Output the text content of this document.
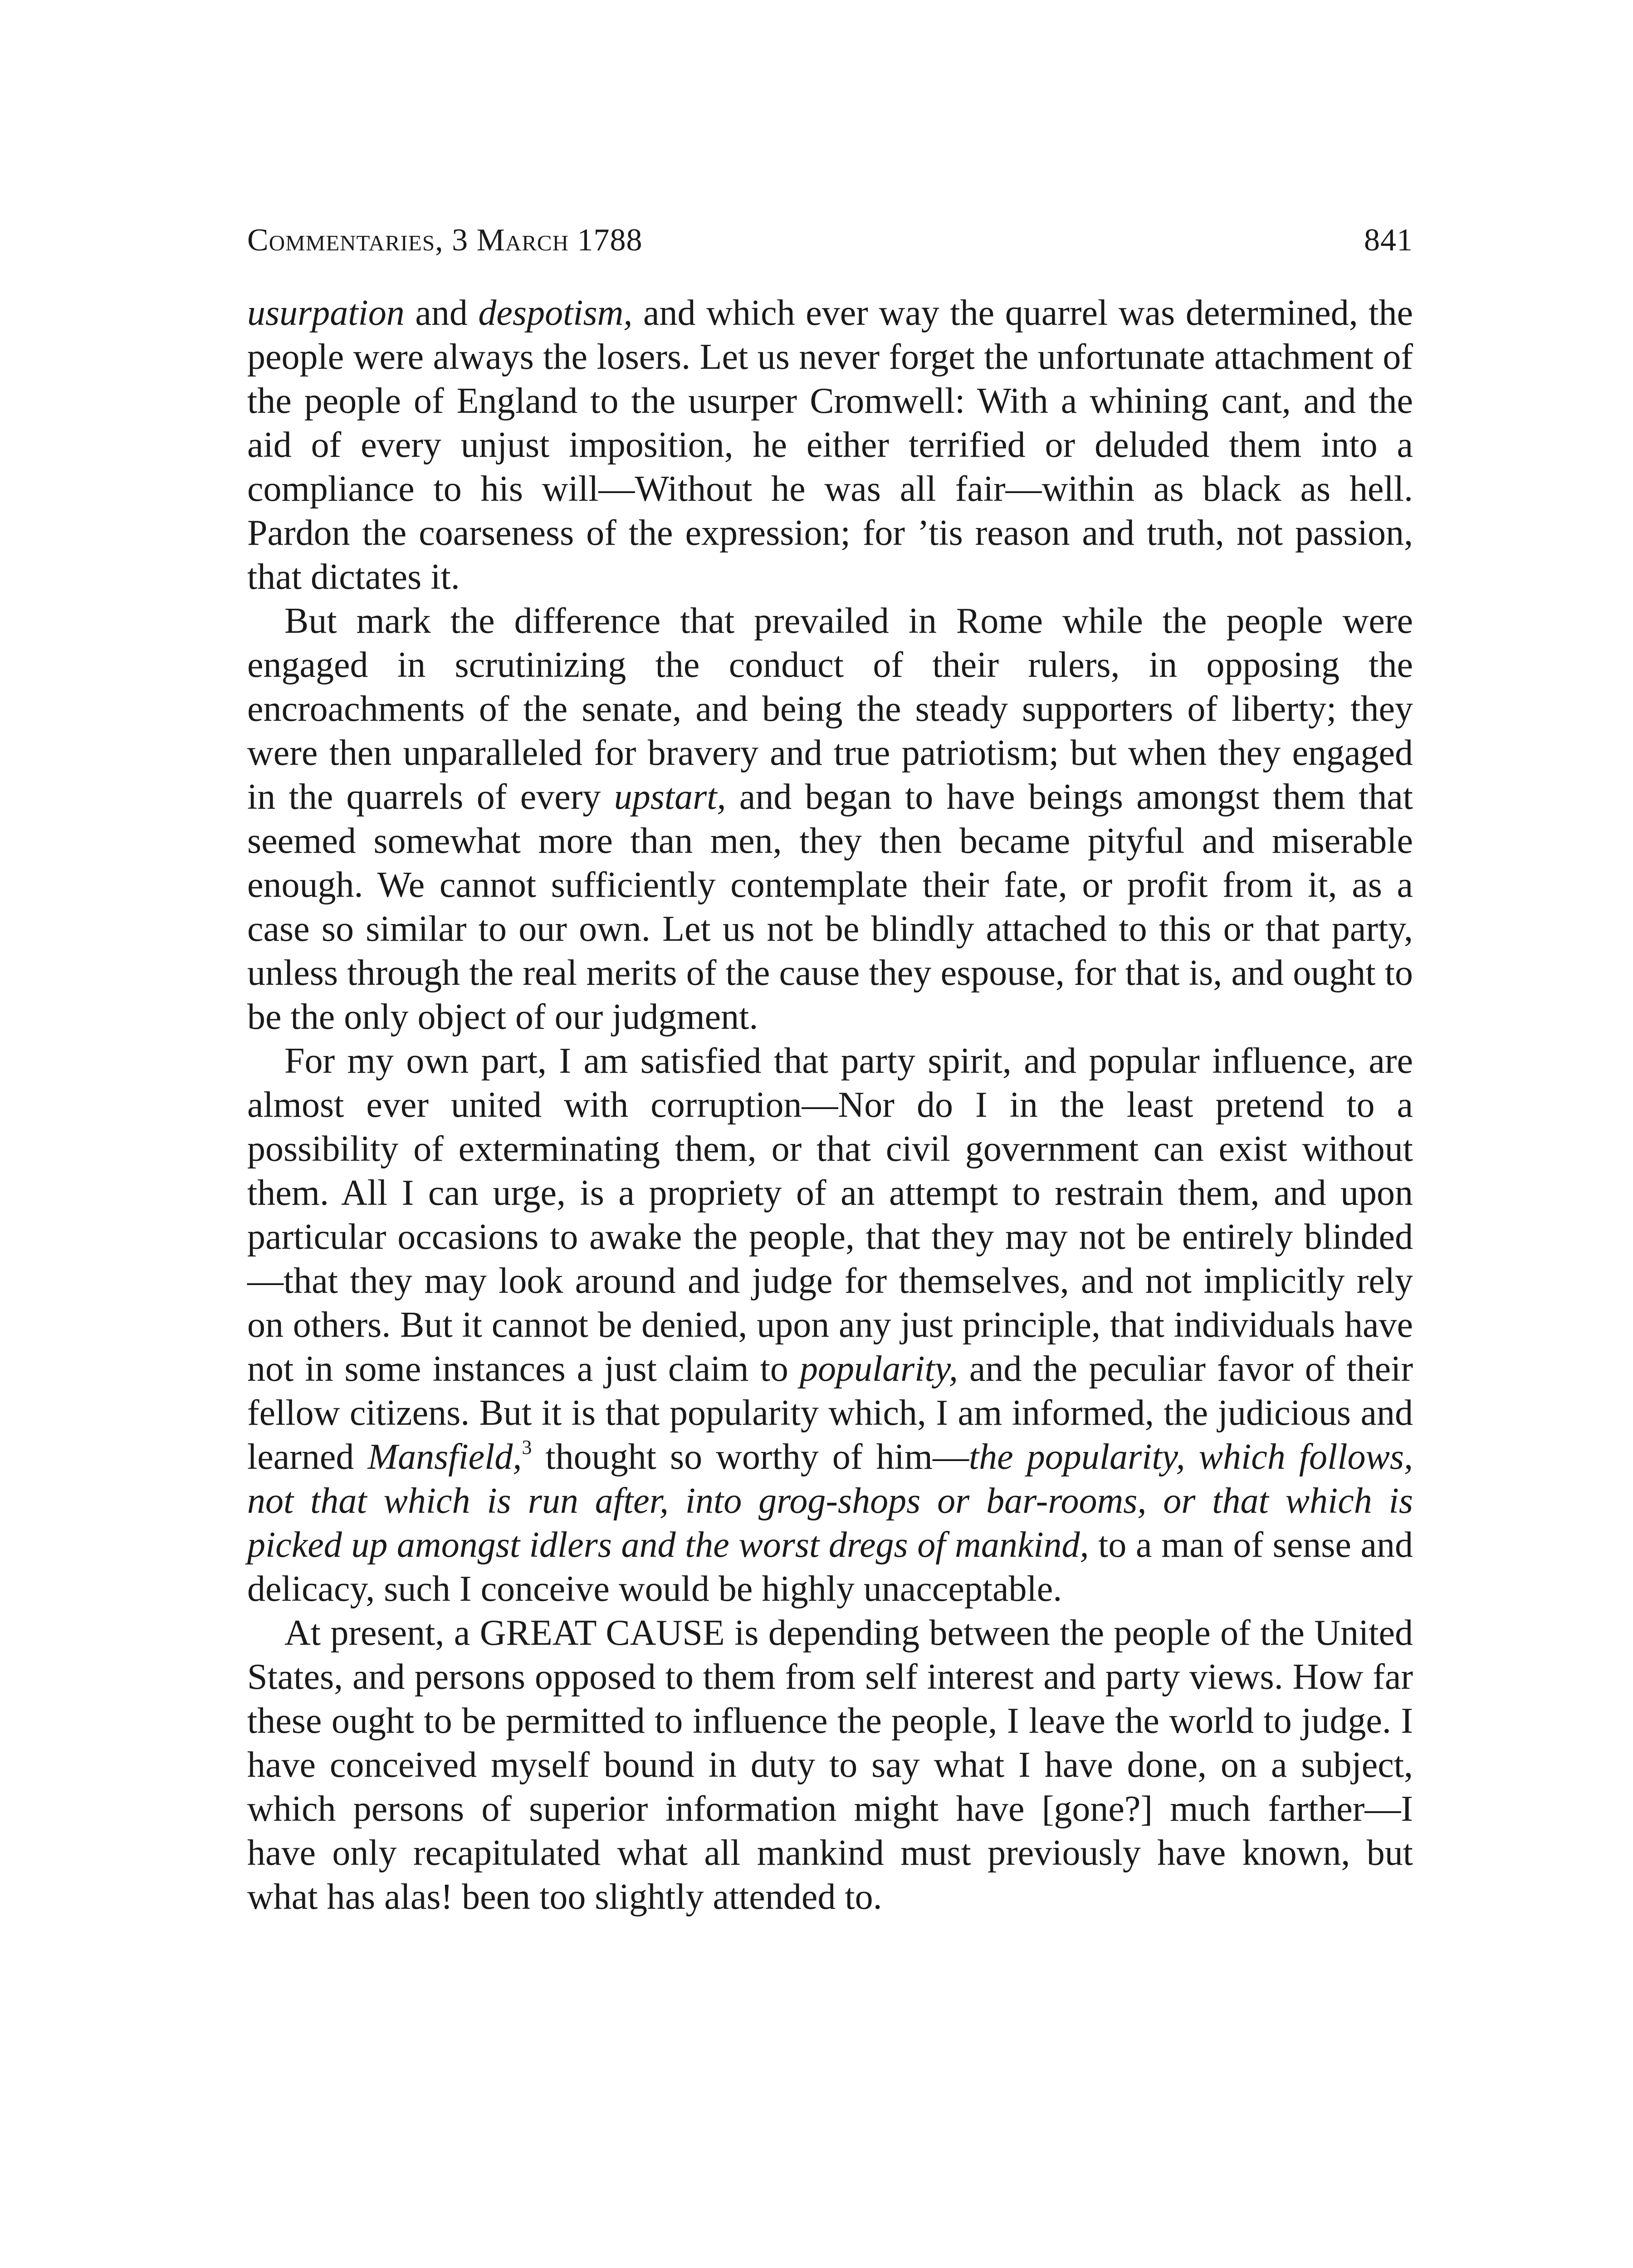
Commentaries, 3 March 1788	841

usurpation and despotism, and which ever way the quarrel was determined, the people were always the losers. Let us never forget the unfortunate attachment of the people of England to the usurper Cromwell: With a whining cant, and the aid of every unjust imposition, he either terrified or deluded them into a compliance to his will—Without he was all fair—within as black as hell. Pardon the coarseness of the expression; for ’tis reason and truth, not passion, that dictates it.

But mark the difference that prevailed in Rome while the people were engaged in scrutinizing the conduct of their rulers, in opposing the encroachments of the senate, and being the steady supporters of liberty; they were then unparalleled for bravery and true patriotism; but when they engaged in the quarrels of every upstart, and began to have beings amongst them that seemed somewhat more than men, they then became pityful and miserable enough. We cannot sufficiently contemplate their fate, or profit from it, as a case so similar to our own. Let us not be blindly attached to this or that party, unless through the real merits of the cause they espouse, for that is, and ought to be the only object of our judgment.

For my own part, I am satisfied that party spirit, and popular influence, are almost ever united with corruption—Nor do I in the least pretend to a possibility of exterminating them, or that civil government can exist without them. All I can urge, is a propriety of an attempt to restrain them, and upon particular occasions to awake the people, that they may not be entirely blinded—that they may look around and judge for themselves, and not implicitly rely on others. But it cannot be denied, upon any just principle, that individuals have not in some instances a just claim to popularity, and the peculiar favor of their fellow citizens. But it is that popularity which, I am informed, the judicious and learned Mansfield,$^3$ thought so worthy of him—the popularity, which follows, not that which is run after, into grog-shops or bar-rooms, or that which is picked up amongst idlers and the worst dregs of mankind, to a man of sense and delicacy, such I conceive would be highly unacceptable.

At present, a GREAT CAUSE is depending between the people of the United States, and persons opposed to them from self interest and party views. How far these ought to be permitted to influence the people, I leave the world to judge. I have conceived myself bound in duty to say what I have done, on a subject, which persons of superior information might have [gone?] much farther—I have only recapitulated what all mankind must previously have known, but what has alas! been too slightly attended to.
